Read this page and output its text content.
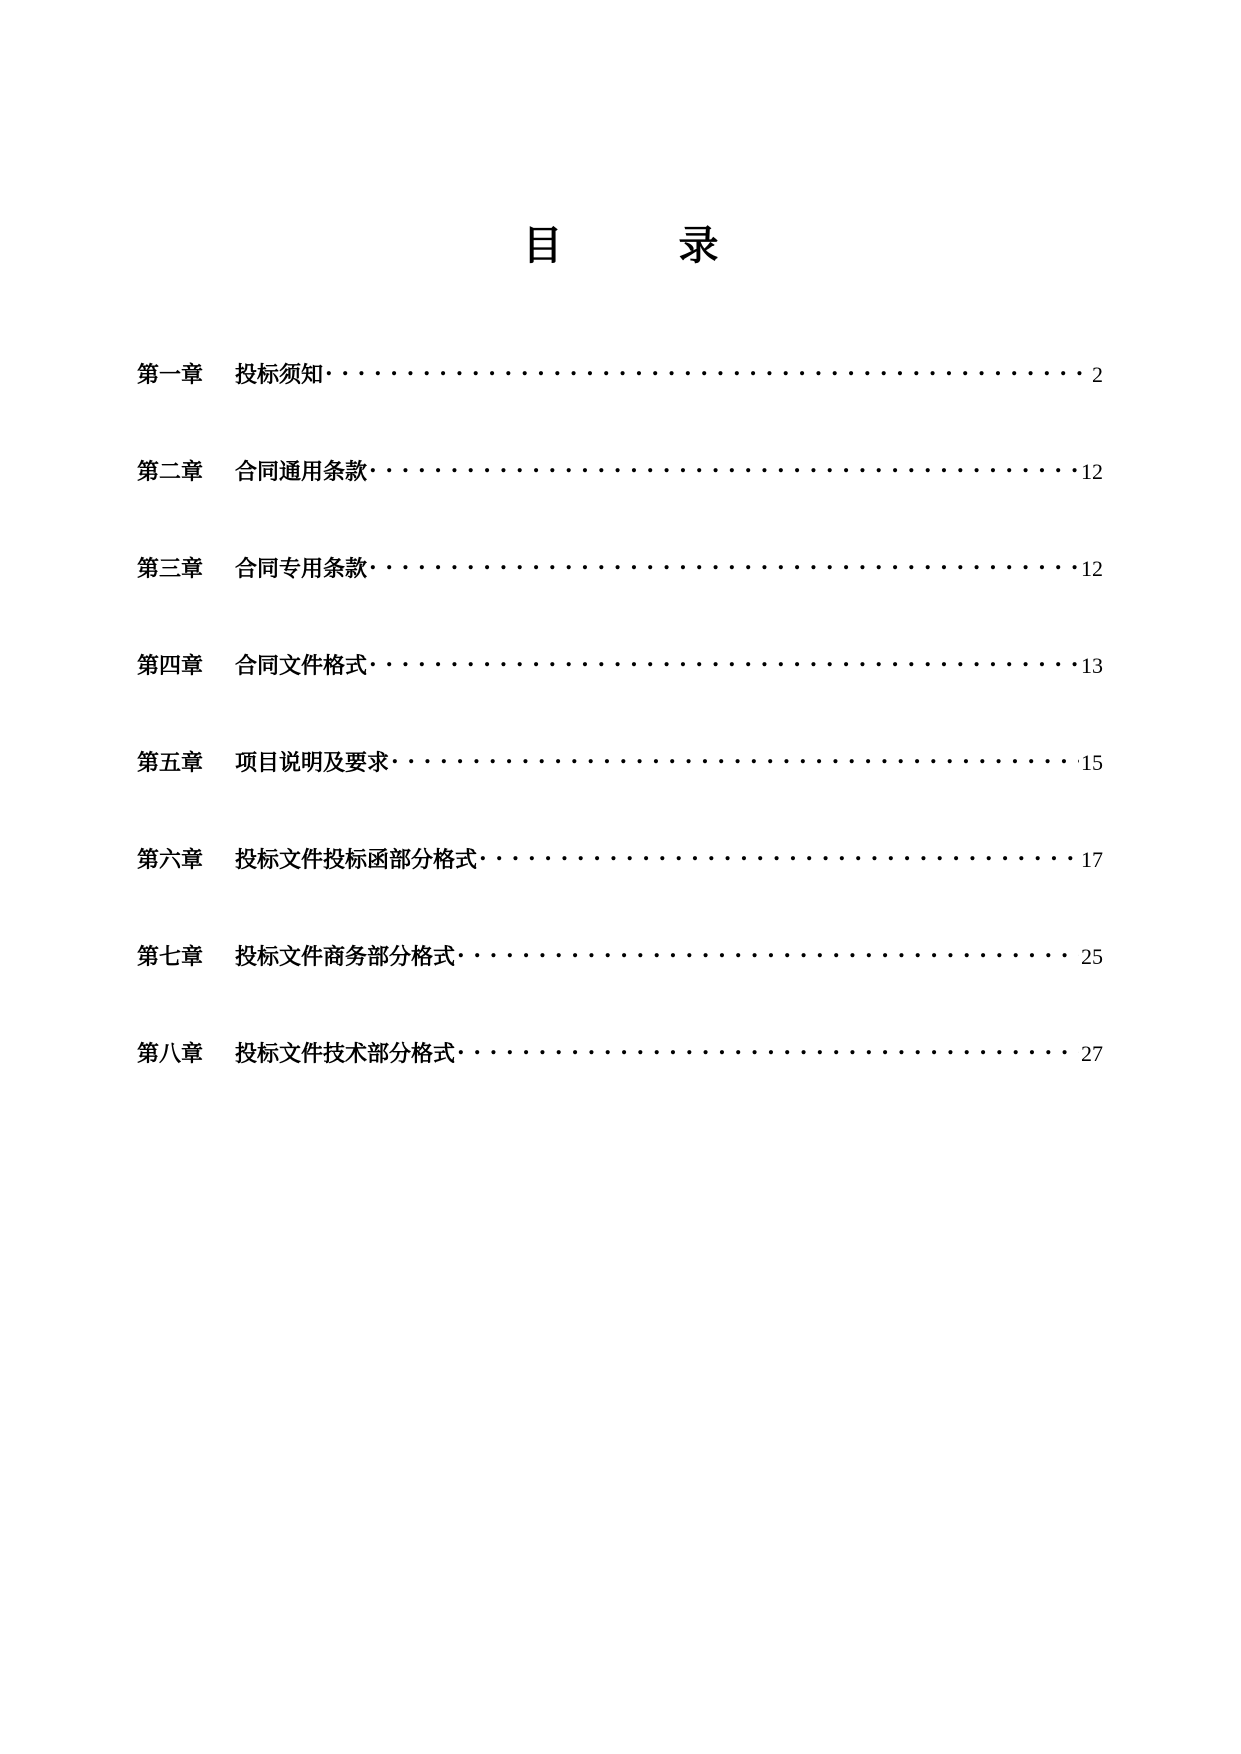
目	录
第一章	投标须知 . . .	2
第二章	合同通用条款 . . .	12
第三章	合同专用条款 . . .	12
第四章	合同文件格式 . . .	13
第五章	项目说明及要求 . . .	15
第六章	投标文件投标函部分格式 . . .	17
第七章	投标文件商务部分格式 . . .	25
第八章	投标文件技术部分格式 . . .	27
